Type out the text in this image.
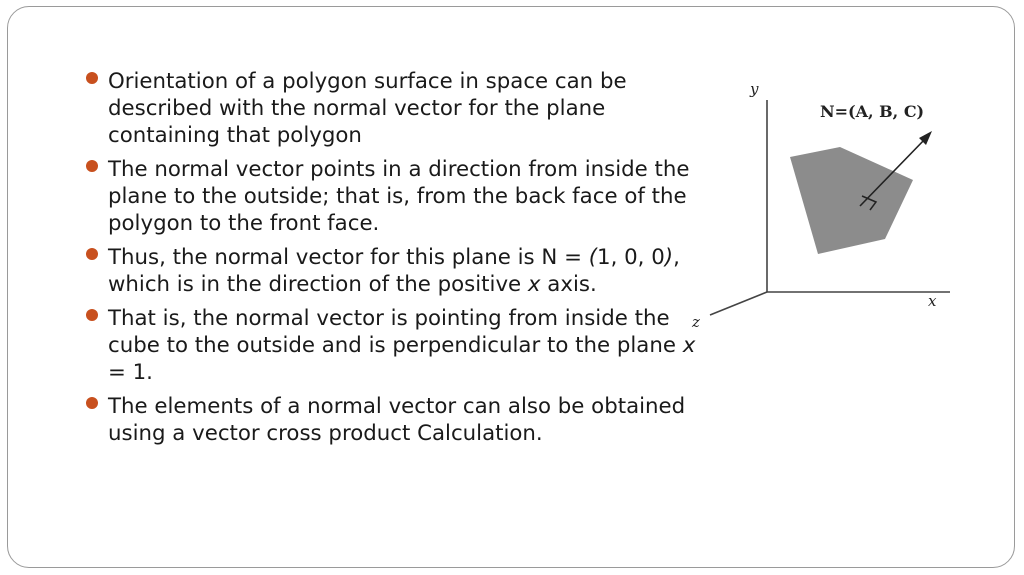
Orientation of a polygon surface in space can be described with the normal vector for the plane containing that polygon
The normal vector points in a direction from inside the plane to the outside; that is, from the back face of the polygon to the front face.
Thus, the normal vector for this plane is N = (1, 0, 0), which is in the direction of the positive x axis.
That is, the normal vector is pointing from inside the cube to the outside and is perpendicular to the plane x = 1.
The elements of a normal vector can also be obtained using a vector cross product Calculation.
y
x
z
N=(A, B, C)
